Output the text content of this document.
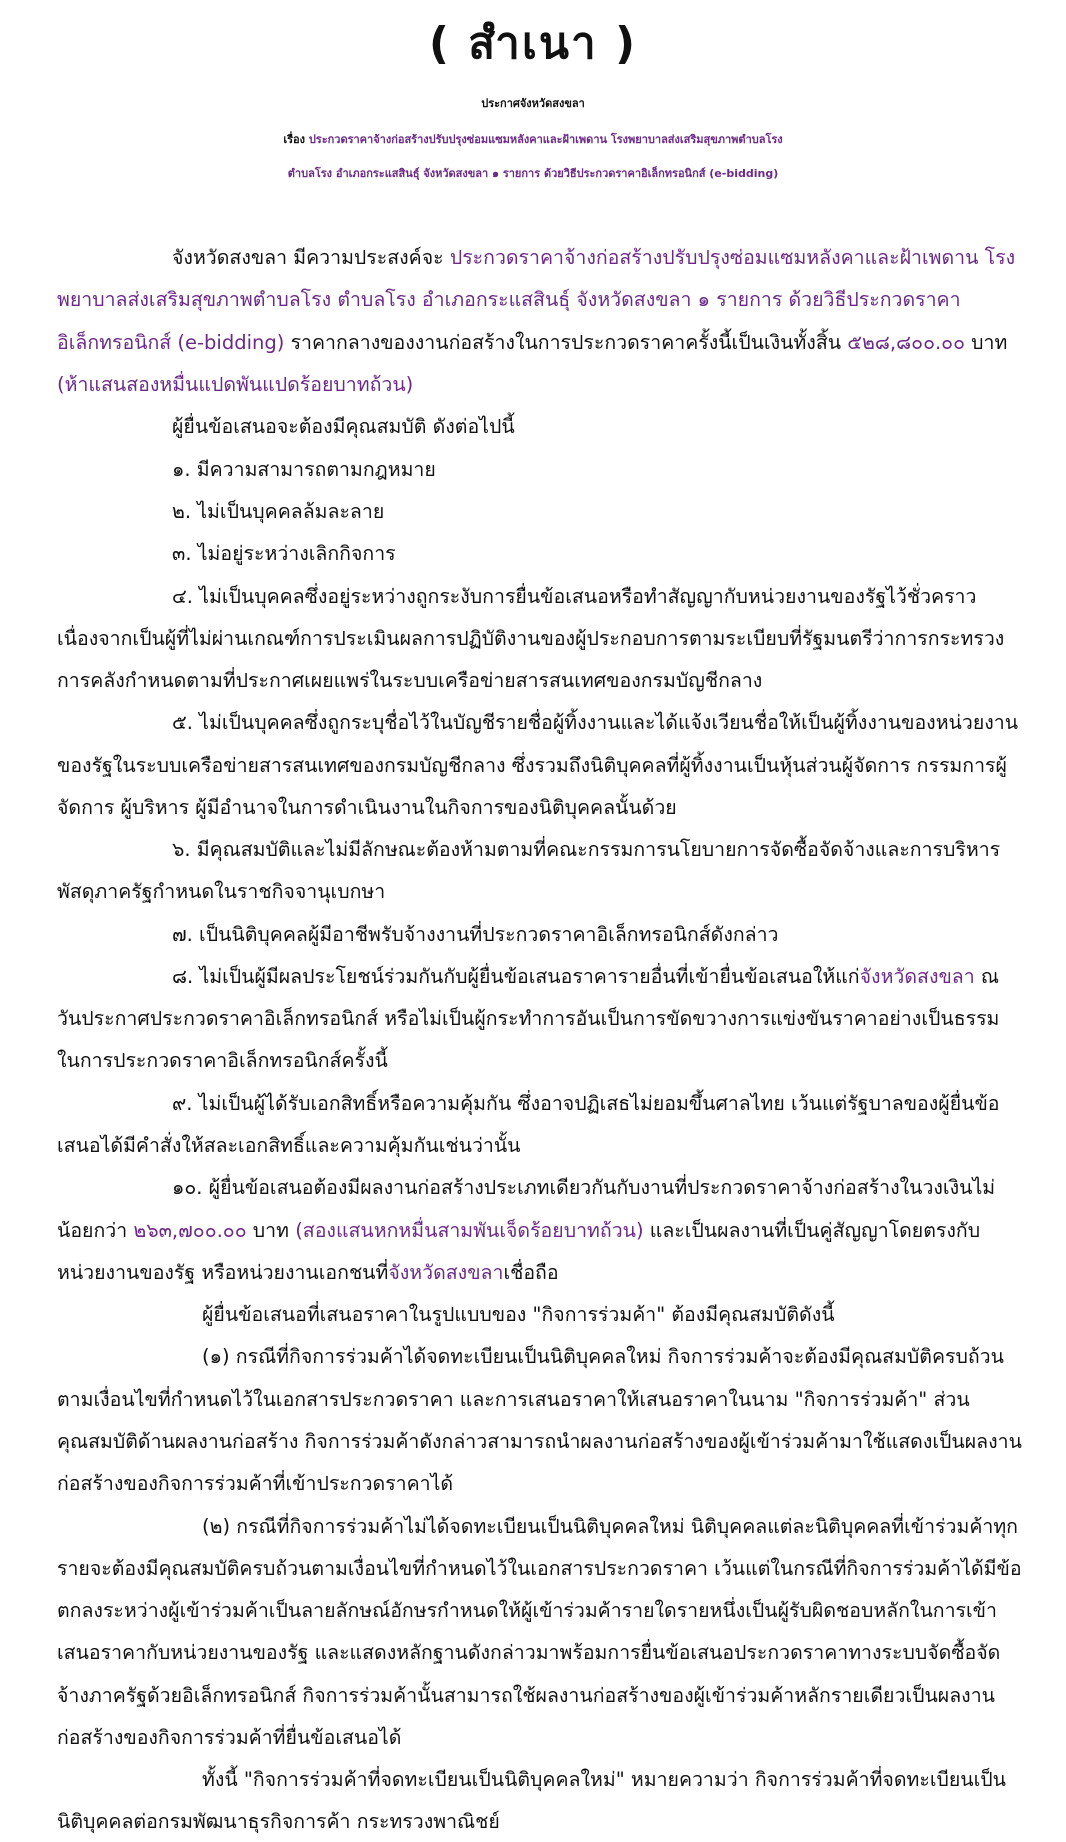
( สำเนา )
ประกาศจังหวัดสงขลา
เรื่อง ประกวดราคาจ้างก่อสร้างปรับปรุงซ่อมแซมหลังคาและฝ้าเพดาน โรงพยาบาลส่งเสริมสุขภาพตำบลโรง
ตำบลโรง อำเภอกระแสสินธุ์ จังหวัดสงขลา ๑ รายการ ด้วยวิธีประกวดราคาอิเล็กทรอนิกส์ (e-bidding)
จังหวัดสงขลา มีความประสงค์จะ ประกวดราคาจ้างก่อสร้างปรับปรุงซ่อมแซมหลังคาและฝ้าเพดาน โรง
พยาบาลส่งเสริมสุขภาพตำบลโรง ตำบลโรง อำเภอกระแสสินธุ์ จังหวัดสงขลา ๑ รายการ ด้วยวิธีประกวดราคา
อิเล็กทรอนิกส์ (e-bidding) ราคากลางของงานก่อสร้างในการประกวดราคาครั้งนี้เป็นเงินทั้งสิ้น ๕๒๘,๘๐๐.๐๐ บาท
(ห้าแสนสองหมื่นแปดพันแปดร้อยบาทถ้วน)
ผู้ยื่นข้อเสนอจะต้องมีคุณสมบัติ ดังต่อไปนี้
๑. มีความสามารถตามกฎหมาย
๒. ไม่เป็นบุคคลล้มละลาย
๓. ไม่อยู่ระหว่างเลิกกิจการ
๔. ไม่เป็นบุคคลซึ่งอยู่ระหว่างถูกระงับการยื่นข้อเสนอหรือทำสัญญากับหน่วยงานของรัฐไว้ชั่วคราว
เนื่องจากเป็นผู้ที่ไม่ผ่านเกณฑ์การประเมินผลการปฏิบัติงานของผู้ประกอบการตามระเบียบที่รัฐมนตรีว่าการกระทรวง
การคลังกำหนดตามที่ประกาศเผยแพร่ในระบบเครือข่ายสารสนเทศของกรมบัญชีกลาง
๕. ไม่เป็นบุคคลซึ่งถูกระบุชื่อไว้ในบัญชีรายชื่อผู้ทิ้งงานและได้แจ้งเวียนชื่อให้เป็นผู้ทิ้งงานของหน่วยงาน
ของรัฐในระบบเครือข่ายสารสนเทศของกรมบัญชีกลาง ซึ่งรวมถึงนิติบุคคลที่ผู้ทิ้งงานเป็นหุ้นส่วนผู้จัดการ กรรมการผู้
จัดการ ผู้บริหาร ผู้มีอำนาจในการดำเนินงานในกิจการของนิติบุคคลนั้นด้วย
๖. มีคุณสมบัติและไม่มีลักษณะต้องห้ามตามที่คณะกรรมการนโยบายการจัดซื้อจัดจ้างและการบริหาร
พัสดุภาครัฐกำหนดในราชกิจจานุเบกษา
๗. เป็นนิติบุคคลผู้มีอาชีพรับจ้างงานที่ประกวดราคาอิเล็กทรอนิกส์ดังกล่าว
๘. ไม่เป็นผู้มีผลประโยชน์ร่วมกันกับผู้ยื่นข้อเสนอราคารายอื่นที่เข้ายื่นข้อเสนอให้แก่จังหวัดสงขลา ณ
วันประกาศประกวดราคาอิเล็กทรอนิกส์ หรือไม่เป็นผู้กระทำการอันเป็นการขัดขวางการแข่งขันราคาอย่างเป็นธรรม
ในการประกวดราคาอิเล็กทรอนิกส์ครั้งนี้
๙. ไม่เป็นผู้ได้รับเอกสิทธิ์หรือความคุ้มกัน ซึ่งอาจปฏิเสธไม่ยอมขึ้นศาลไทย เว้นแต่รัฐบาลของผู้ยื่นข้อ
เสนอได้มีคำสั่งให้สละเอกสิทธิ์และความคุ้มกันเช่นว่านั้น
๑๐. ผู้ยื่นข้อเสนอต้องมีผลงานก่อสร้างประเภทเดียวกันกับงานที่ประกวดราคาจ้างก่อสร้างในวงเงินไม่
น้อยกว่า ๒๖๓,๗๐๐.๐๐ บาท (สองแสนหกหมื่นสามพันเจ็ดร้อยบาทถ้วน) และเป็นผลงานที่เป็นคู่สัญญาโดยตรงกับ
หน่วยงานของรัฐ หรือหน่วยงานเอกชนที่จังหวัดสงขลาเชื่อถือ
ผู้ยื่นข้อเสนอที่เสนอราคาในรูปแบบของ "กิจการร่วมค้า" ต้องมีคุณสมบัติดังนี้
(๑) กรณีที่กิจการร่วมค้าได้จดทะเบียนเป็นนิติบุคคลใหม่ กิจการร่วมค้าจะต้องมีคุณสมบัติครบถ้วน
ตามเงื่อนไขที่กำหนดไว้ในเอกสารประกวดราคา และการเสนอราคาให้เสนอราคาในนาม "กิจการร่วมค้า" ส่วน
คุณสมบัติด้านผลงานก่อสร้าง กิจการร่วมค้าดังกล่าวสามารถนำผลงานก่อสร้างของผู้เข้าร่วมค้ามาใช้แสดงเป็นผลงาน
ก่อสร้างของกิจการร่วมค้าที่เข้าประกวดราคาได้
(๒) กรณีที่กิจการร่วมค้าไม่ได้จดทะเบียนเป็นนิติบุคคลใหม่ นิติบุคคลแต่ละนิติบุคคลที่เข้าร่วมค้าทุก
รายจะต้องมีคุณสมบัติครบถ้วนตามเงื่อนไขที่กำหนดไว้ในเอกสารประกวดราคา เว้นแต่ในกรณีที่กิจการร่วมค้าได้มีข้อ
ตกลงระหว่างผู้เข้าร่วมค้าเป็นลายลักษณ์อักษรกำหนดให้ผู้เข้าร่วมค้ารายใดรายหนึ่งเป็นผู้รับผิดชอบหลักในการเข้า
เสนอราคากับหน่วยงานของรัฐ และแสดงหลักฐานดังกล่าวมาพร้อมการยื่นข้อเสนอประกวดราคาทางระบบจัดซื้อจัด
จ้างภาครัฐด้วยอิเล็กทรอนิกส์ กิจการร่วมค้านั้นสามารถใช้ผลงานก่อสร้างของผู้เข้าร่วมค้าหลักรายเดียวเป็นผลงาน
ก่อสร้างของกิจการร่วมค้าที่ยื่นข้อเสนอได้
ทั้งนี้ "กิจการร่วมค้าที่จดทะเบียนเป็นนิติบุคคลใหม่" หมายความว่า กิจการร่วมค้าที่จดทะเบียนเป็น
นิติบุคคลต่อกรมพัฒนาธุรกิจการค้า กระทรวงพาณิชย์
